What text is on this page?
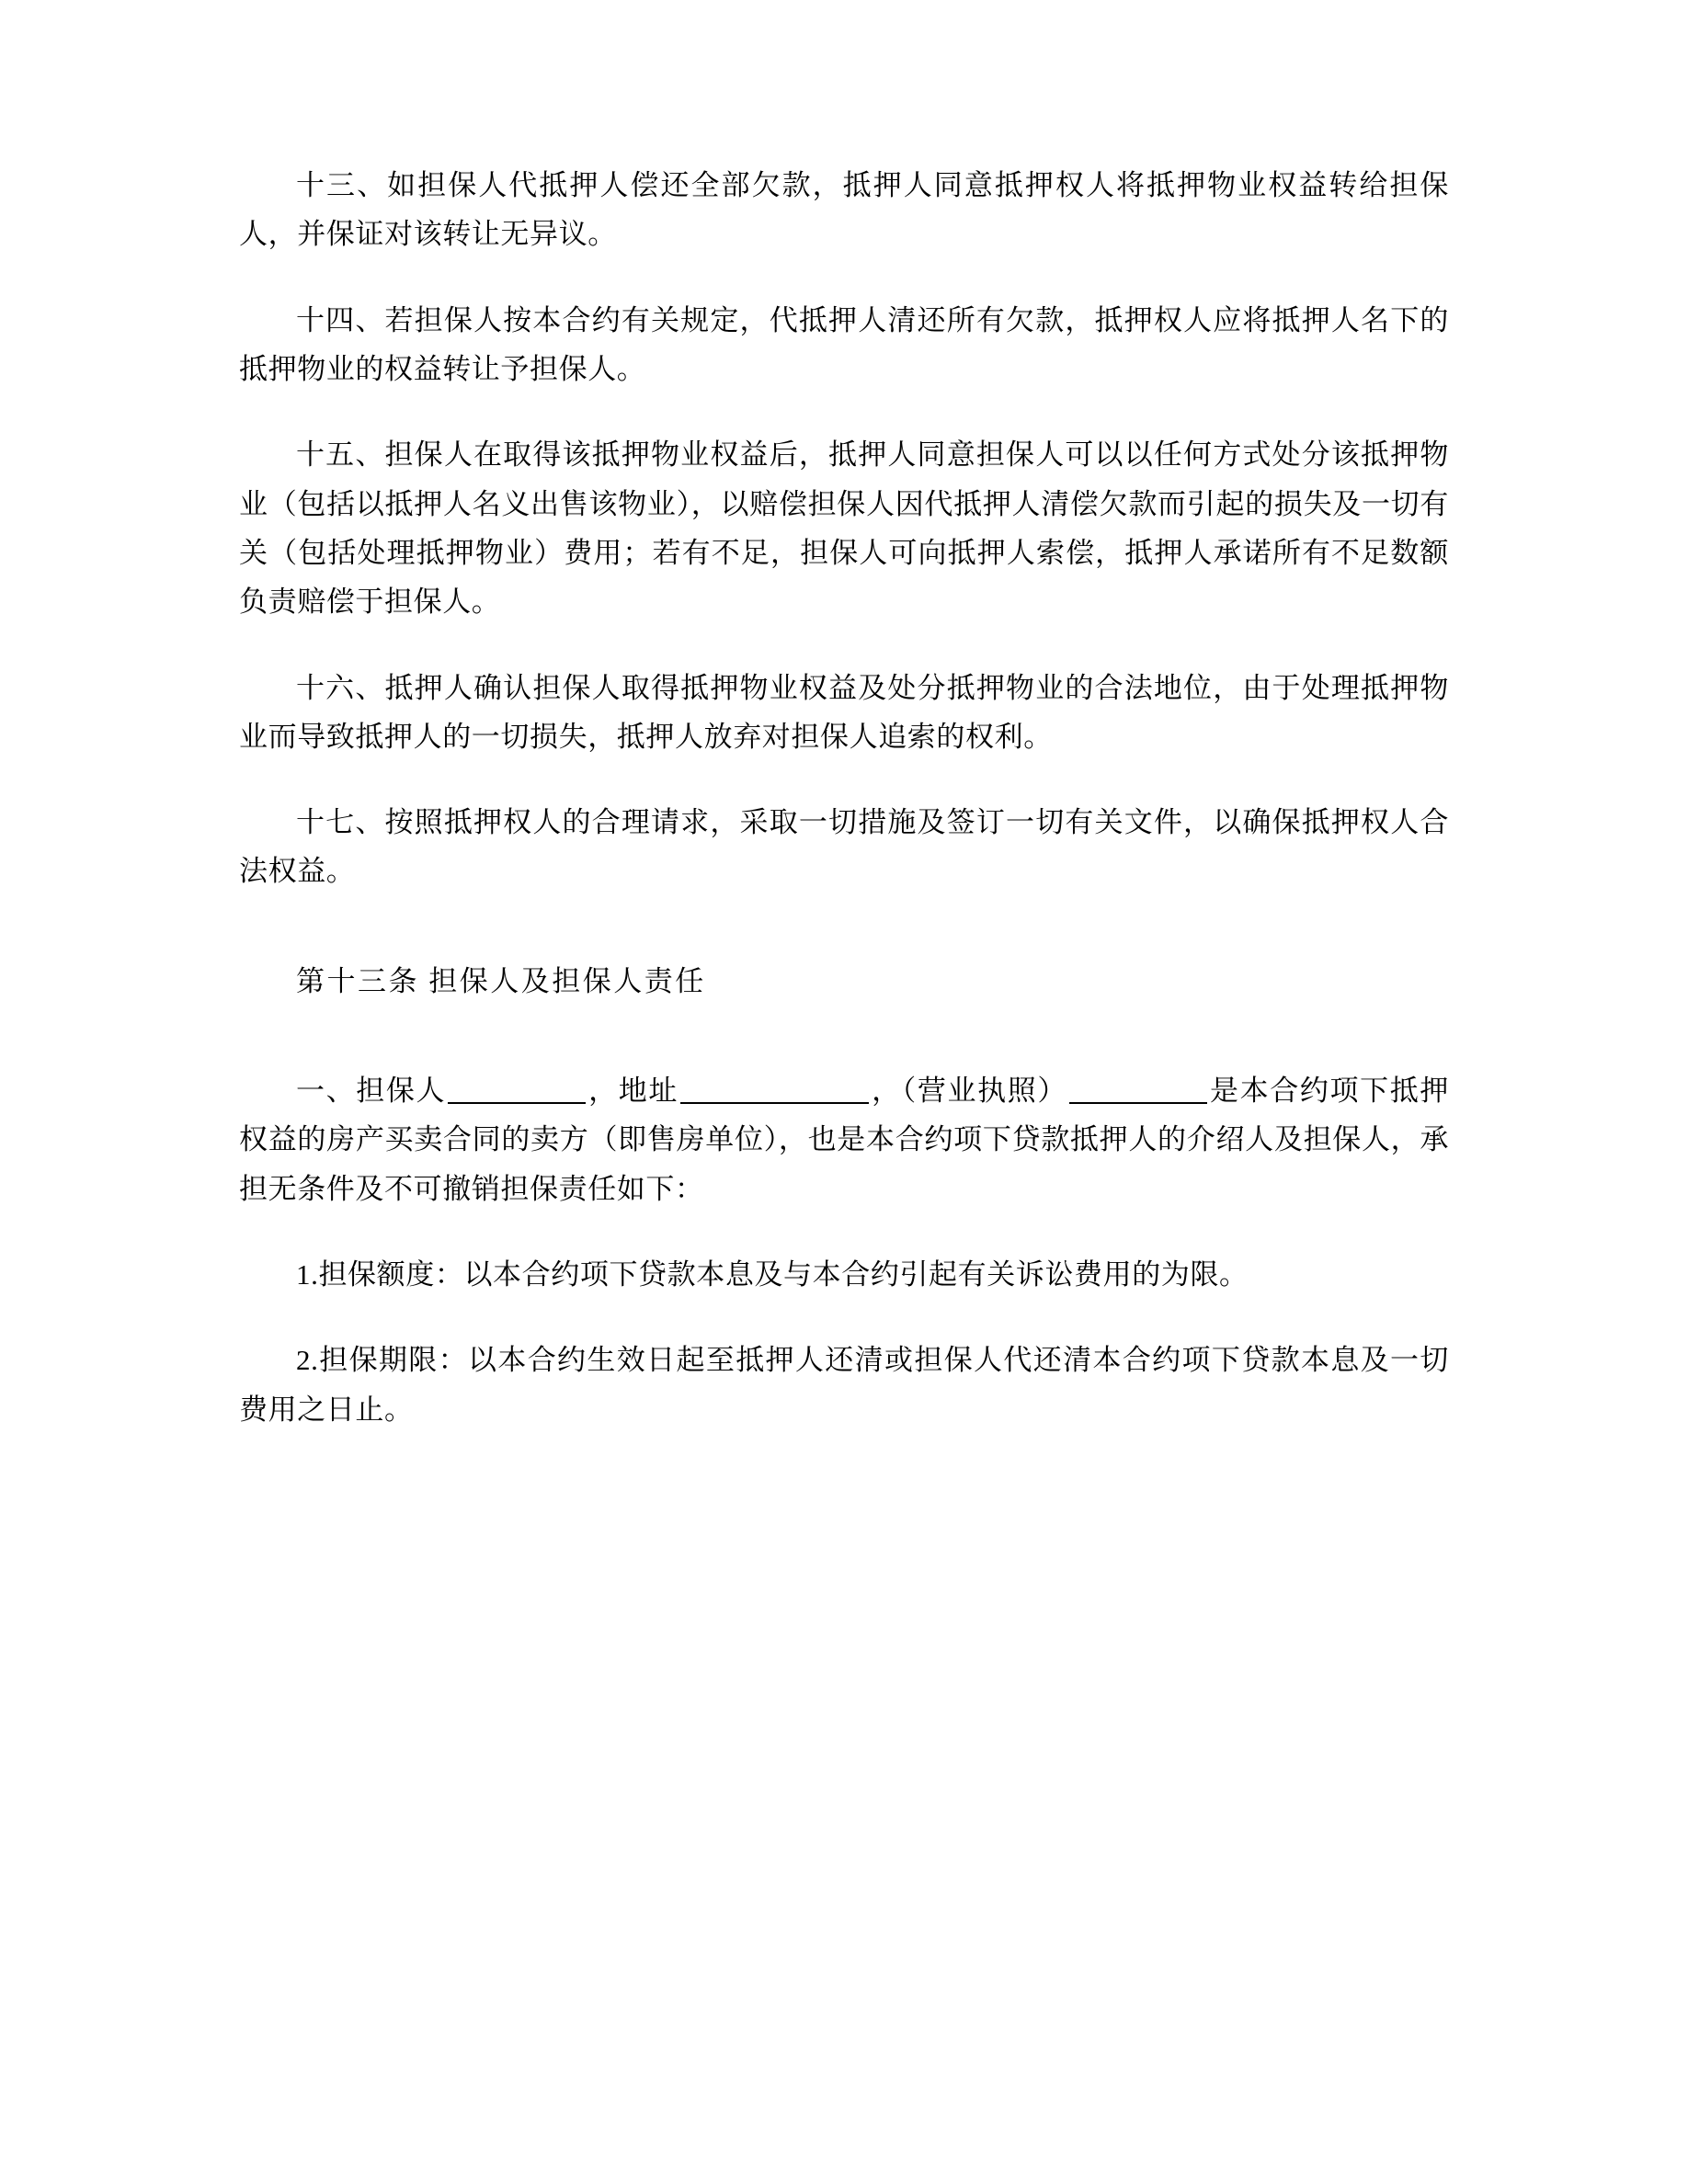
十三、如担保人代抵押人偿还全部欠款，抵押人同意抵押权人将抵押物业权益转给担保人，并保证对该转让无异议。

十四、若担保人按本合约有关规定，代抵押人清还所有欠款，抵押权人应将抵押人名下的抵押物业的权益转让予担保人。

十五、担保人在取得该抵押物业权益后，抵押人同意担保人可以以任何方式处分该抵押物业（包括以抵押人名义出售该物业），以赔偿担保人因代抵押人清偿欠款而引起的损失及一切有关（包括处理抵押物业）费用；若有不足，担保人可向抵押人索偿，抵押人承诺所有不足数额负责赔偿于担保人。

十六、抵押人确认担保人取得抵押物业权益及处分抵押物业的合法地位，由于处理抵押物业而导致抵押人的一切损失，抵押人放弃对担保人追索的权利。

十七、按照抵押权人的合理请求，采取一切措施及签订一切有关文件，以确保抵押权人合法权益。

第十三条 担保人及担保人责任

一、担保人	，地址	，（营业执照）	是本合约项下抵押权益的房产买卖合同的卖方（即售房单位），也是本合约项下贷款抵押人的介绍人及担保人，承担无条件及不可撤销担保责任如下：

1.担保额度：以本合约项下贷款本息及与本合约引起有关诉讼费用的为限。

2.担保期限：以本合约生效日起至抵押人还清或担保人代还清本合约项下贷款本息及一切费用之日止。
